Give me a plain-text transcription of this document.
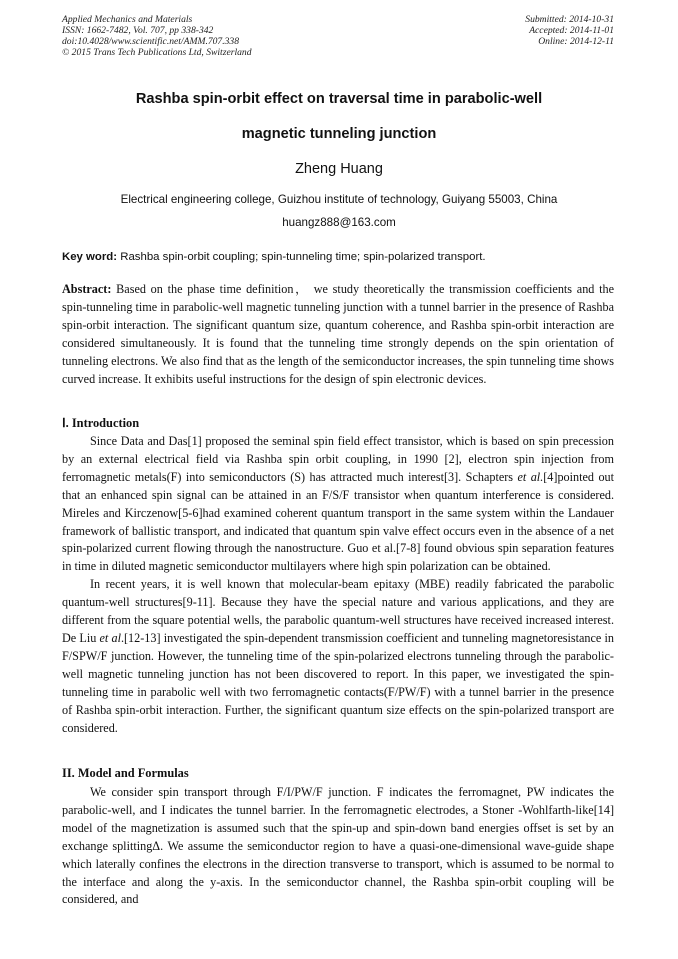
Applied Mechanics and Materials
ISSN: 1662-7482, Vol. 707, pp 338-342
doi:10.4028/www.scientific.net/AMM.707.338
© 2015 Trans Tech Publications Ltd, Switzerland
Submitted: 2014-10-31
Accepted: 2014-11-01
Online: 2014-12-11
Rashba spin-orbit effect on traversal time in parabolic-well
magnetic tunneling junction
Zheng Huang
Electrical engineering college, Guizhou institute of technology, Guiyang 55003, China
huangz888@163.com
Key word: Rashba spin-orbit coupling; spin-tunneling time; spin-polarized transport.

Abstract: Based on the phase time definition， we study theoretically the transmission coefficients and the spin-tunneling time in parabolic-well magnetic tunneling junction with a tunnel barrier in the presence of Rashba spin-orbit interaction. The significant quantum size, quantum coherence, and Rashba spin-orbit interaction are considered simultaneously. It is found that the tunneling time strongly depends on the spin orientation of tunneling electrons. We also find that as the length of the semiconductor increases, the spin tunneling time shows curved increase. It exhibits useful instructions for the design of spin electronic devices.

Ⅰ. Introduction

Since Data and Das[1] proposed the seminal spin field effect transistor, which is based on spin precession by an external electrical field via Rashba spin orbit coupling, in 1990 [2], electron spin injection from ferromagnetic metals(F) into semiconductors (S) has attracted much interest[3]. Schapters et al.[4]pointed out that an enhanced spin signal can be attained in an F/S/F transistor when quantum interference is considered. Mireles and Kirczenow[5-6]had examined coherent quantum transport in the same system within the Landauer framework of ballistic transport, and indicated that quantum spin valve effect occurs even in the absence of a net spin-polarized current flowing through the nanostructure. Guo et al.[7-8] found obvious spin separation features in time in diluted magnetic semiconductor multilayers where high spin polarization can be obtained.

In recent years, it is well known that molecular-beam epitaxy (MBE) readily fabricated the parabolic quantum-well structures[9-11]. Because they have the special nature and various applications, and they are different from the square potential wells, the parabolic quantum-well structures have received increased interest. De Liu et al.[12-13] investigated the spin-dependent transmission coefficient and tunneling magnetoresistance in F/SPW/F junction. However, the tunneling time of the spin-polarized electrons tunneling through the parabolic-well magnetic tunneling junction has not been discovered to report. In this paper, we investigated the spin-tunneling time in parabolic well with two ferromagnetic contacts(F/PW/F) with a tunnel barrier in the presence of Rashba spin-orbit interaction. Further, the significant quantum size effects on the spin-polarized transport are considered.

II. Model and Formulas

We consider spin transport through F/I/PW/F junction. F indicates the ferromagnet, PW indicates the parabolic-well, and I indicates the tunnel barrier. In the ferromagnetic electrodes, a Stoner -Wohlfarth-like[14] model of the magnetization is assumed such that the spin-up and spin-down band energies offset is set by an exchange splittingΔ. We assume the semiconductor region to have a quasi-one-dimensional wave-guide shape which laterally confines the electrons in the direction transverse to transport, which is assumed to be normal to the interface and along the y-axis. In the semiconductor channel, the Rashba spin-orbit coupling will be considered, and
